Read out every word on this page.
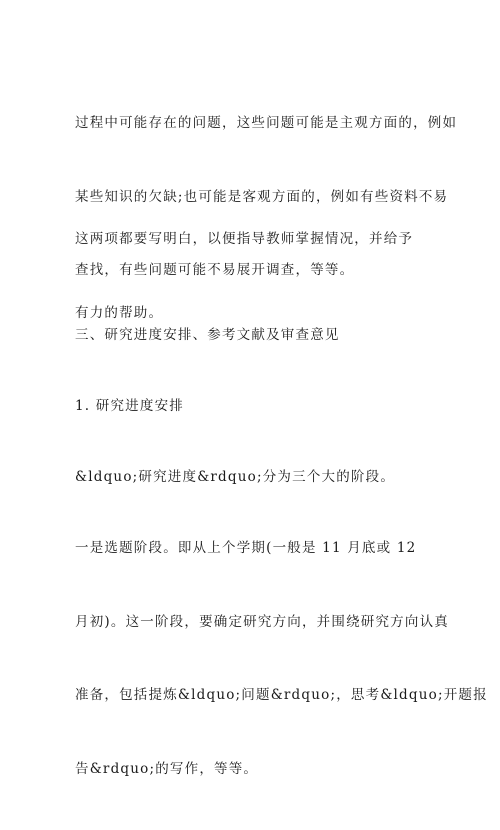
过程中可能存在的问题，这些问题可能是主观方面的，例如

某些知识的欠缺;也可能是客观方面的，例如有些资料不易

查找，有些问题可能不易展开调查，等等。

这两项都要写明白，以便指导教师掌握情况，并给予

有力的帮助。

三、研究进度安排、参考文献及审查意见

1. 研究进度安排

&ldquo;研究进度&rdquo;分为三个大的阶段。

一是选题阶段。即从上个学期(一般是 11 月底或 12

月初)。这一阶段，要确定研究方向，并围绕研究方向认真

准备，包括提炼&ldquo;问题&rdquo;，思考&ldquo;开题报

告&rdquo;的写作，等等。
